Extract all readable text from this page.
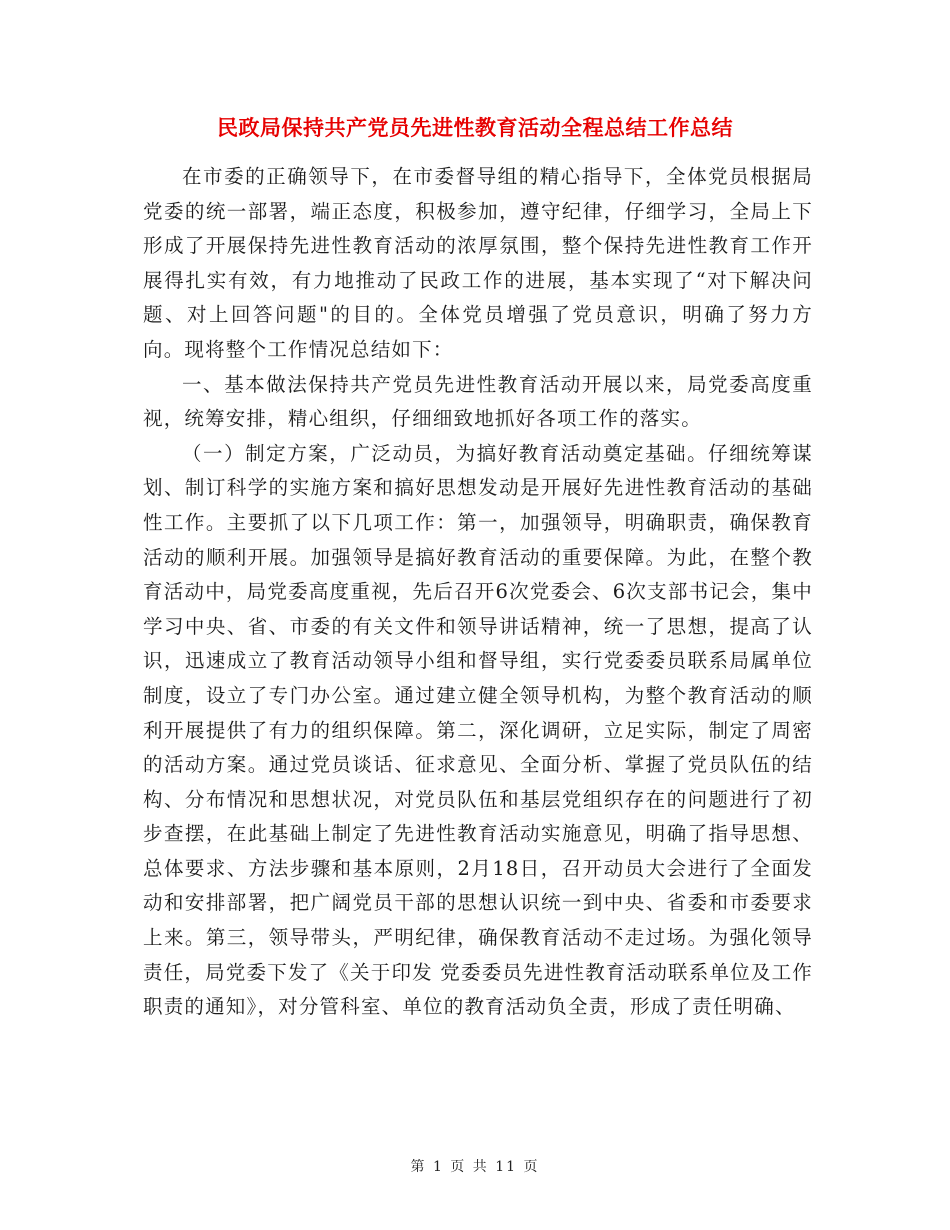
民政局保持共产党员先进性教育活动全程总结工作总结

在市委的正确领导下，在市委督导组的精心指导下，全体党员根据局党委的统一部署，端正态度，积极参加，遵守纪律，仔细学习，全局上下形成了开展保持先进性教育活动的浓厚氛围，整个保持先进性教育工作开展得扎实有效，有力地推动了民政工作的进展，基本实现了“对下解决问题、对上回答问题"的目的。全体党员增强了党员意识，明确了努力方向。现将整个工作情况总结如下：

一、基本做法保持共产党员先进性教育活动开展以来，局党委高度重视，统筹安排，精心组织，仔细细致地抓好各项工作的落实。

（一）制定方案，广泛动员，为搞好教育活动奠定基础。仔细统筹谋划、制订科学的实施方案和搞好思想发动是开展好先进性教育活动的基础性工作。主要抓了以下几项工作：第一，加强领导，明确职责，确保教育活动的顺利开展。加强领导是搞好教育活动的重要保障。为此，在整个教育活动中，局党委高度重视，先后召开6次党委会、6次支部书记会，集中学习中央、省、市委的有关文件和领导讲话精神，统一了思想，提高了认识，迅速成立了教育活动领导小组和督导组，实行党委委员联系局属单位制度，设立了专门办公室。通过建立健全领导机构，为整个教育活动的顺利开展提供了有力的组织保障。第二，深化调研，立足实际，制定了周密的活动方案。通过党员谈话、征求意见、全面分析、掌握了党员队伍的结构、分布情况和思想状况，对党员队伍和基层党组织存在的问题进行了初步查摆，在此基础上制定了先进性教育活动实施意见，明确了指导思想、总体要求、方法步骤和基本原则，2月18日，召开动员大会进行了全面发动和安排部署，把广阔党员干部的思想认识统一到中央、省委和市委要求上来。第三，领导带头，严明纪律，确保教育活动不走过场。为强化领导责任，局党委下发了《关于印发 党委委员先进性教育活动联系单位及工作职责的通知》，对分管科室、单位的教育活动负全责，形成了责任明确、

第 1 页 共 11 页
